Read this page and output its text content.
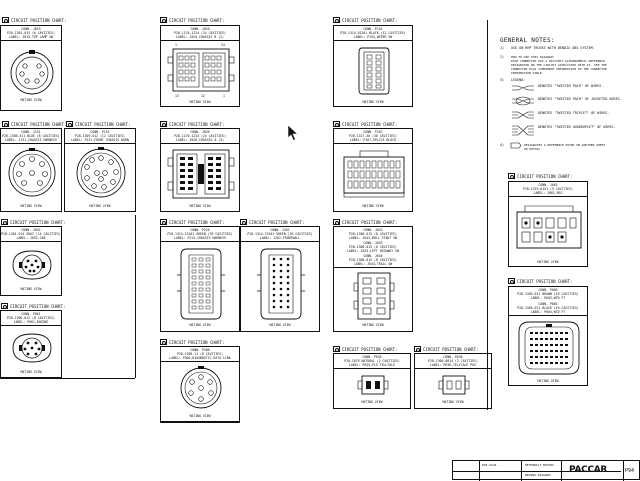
CIRCUIT POSITION CHART:	CIRCUIT POSITION CHART:	CIRCUIT POSITION CHART:
CIRCUIT POSITION CHART: CIRCUIT POSITION CHART:	CIRCUIT POSITION CHART:	CIRCUIT POSITION CHART:
CIRCUIT POSITION CHART:	CIRCUIT POSITION CHART:	CIRCUIT POSITION CHART:	CIRCUIT POSITION CHART:
CIRCUIT POSITION CHART:
CIRCUIT POSITION CHART:
CIRCUIT POSITION CHART:
CIRCUIT POSITION CHART:
CIRCUIT POSITION CHART:	CIRCUIT POSITION CHART:
CONN. J819
P28-1301-015 (6 CAVITIES)
LABEL: J819,TOP LAMP SW
MATING VIEW
CONN. J820
P28-1170-1224 (24 CAVITIES)
LABEL: J820,CHASSIS B (2)
1	24
13	12	1
MATING VIEW
CONN. P152
P28-1314-01201 BLACK (12 CAVITIES)
LABEL: P152,WIPER SW
MATING VIEW
GENERAL NOTES:
1) USE ON RHP TRUCKS WITH BENDIX ABS SYSTEM.
2) HOW TO USE THIS DIAGRAM:
EACH CONNECTOR HAS A DISTINCT ALPHANUMERIC REFERENCE
DESIGNATOR ON THE CIRCUIT ASSOCIATED WITH IT. SEE THE
CONNECTOR PLUG COMPONENT INFORMATION IN THE CONNECTOR
INFORMATION TABLE.
3) LEGEND:
DENOTES "TWISTED PAIR" OF WIRES.
DENOTES "TWISTED PAIR" OF JACKETED WIRES.
DENOTES "TWISTED TRIPLET" OF WIRES.
DENOTES "TWISTED QUADRUPLET" OF WIRES.
4)	DESIGNATES A REFERENCE POINT ON ANOTHER SHEET
OR DETAIL.
CONN. J151
P28-1306-511 BLUE (8 CAVITIES)
LABEL: J151,CHASSIS HARNESS
MATING VIEW
CONN. P151
P28-1309-012 (12 CAVITIES)
LABEL: P151,FRONT CHASSIS HARN
MATING VIEW
CONN. J826
P28-1170-1224 (24 CAVITIES)
LABEL: J826,CHASSIS A (3)
MATING VIEW
CONN. P167
P28-1317-30 (30 CAVITIES)
LABEL: P167,SPLICE BLOCK
MATING VIEW
CONN. J662
P28-1319-0151 (9 CAVITIES)
LABEL: J662,REG
MATING VIEW
CONN. J652
P28-1301-014 GRAY (14 CAVITIES)
LABEL: J652,CAB
MATING VIEW
CONN. P224
P28-1314-23101 GREEN (39 CAVITIES)
LABEL: P224,CHASSIS HARNESS
MATING VIEW
CONN. J262
P28-1314-23101 GREEN (39 CAVITIES)
LABEL: J262,FRONTWALL
MATING VIEW
CONN. J642
P28-1308-015 (8 CAVITIES)
LABEL: J642,BULL START SW
CONN. J643
P28-1308-015 (8 CAVITIES)
LABEL: J643,LEFT HIGHWAY SW
CONN. J644
P28-1308-015 (8 CAVITIES)
LABEL: J644,TRAIL SW
MATING VIEW
CONN. P603
P28-1305-021 BROWN (49 CAVITIES)
LABEL: P603,WTD FT
CONN. P604
P28-1305-021 BLACK (49 CAVITIES)
LABEL: P604,WTD FT
MATING VIEW
CONN. P661
P28-1306-012 (8 CAVITIES)
LABEL: P661,ENGINE
MATING VIEW
CONN. P300
P28-1309-11 (8 CAVITIES)
LABEL: P300,DIAGNOSTIC DATA LINK
MATING VIEW
CONN. P635
P28-1079 NATURAL (2 CAVITIES)
LABEL: P635,PLS TELLTALE
MATING VIEW
CONN. P636
P28-1306-0014 (2 CAVITIES)
LABEL: P636,TELLTALE POS
MATING VIEW
P94-6244	PETERBILT MOTORS
WIRING DIAGRAM PACCAR	P94
